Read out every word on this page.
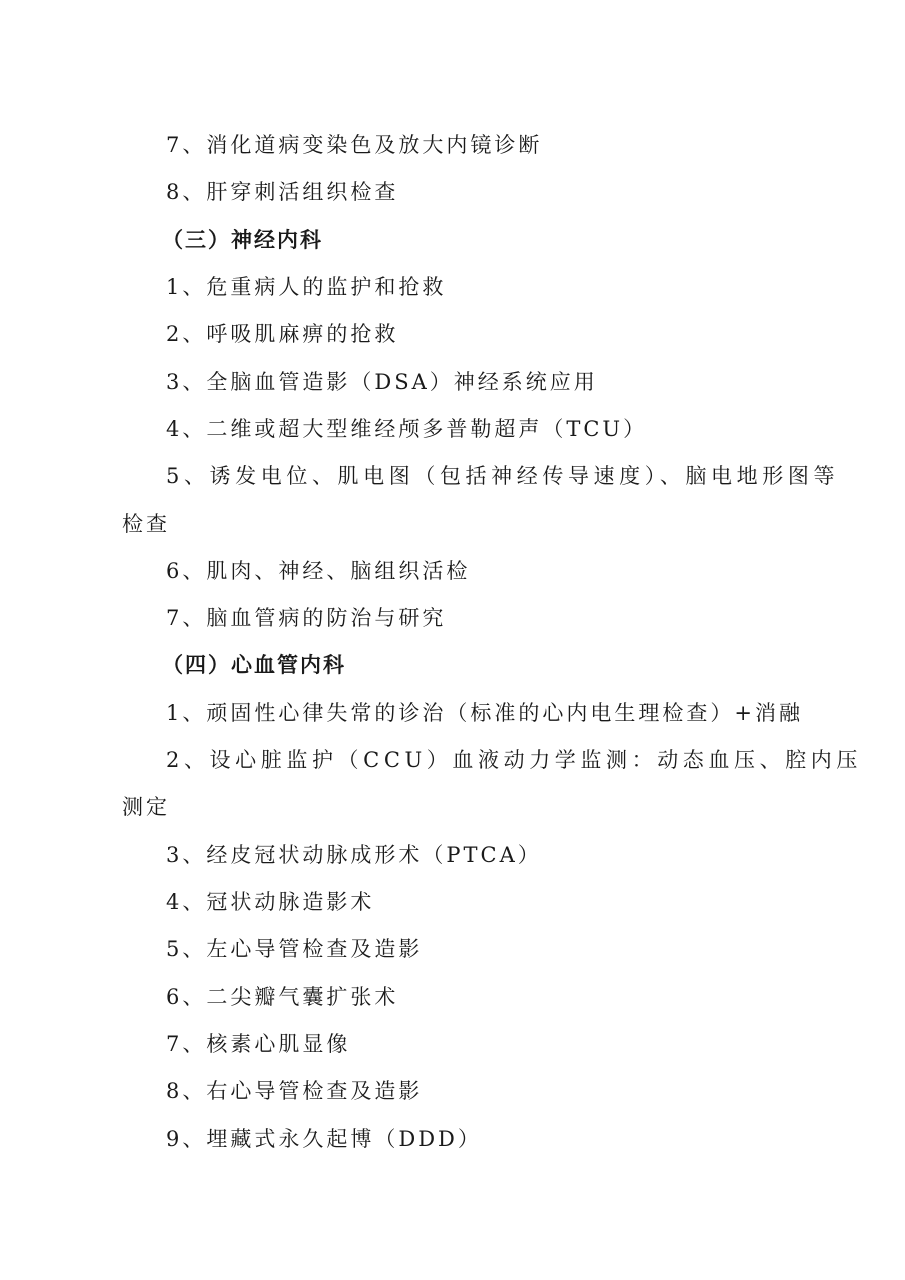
7、消化道病变染色及放大内镜诊断
8、肝穿刺活组织检查
（三）神经内科
1、危重病人的监护和抢救
2、呼吸肌麻痹的抢救
3、全脑血管造影（DSA）神经系统应用
4、二维或超大型维经颅多普勒超声（TCU）
5、诱发电位、肌电图（包括神经传导速度）、脑电地形图等
检查
6、肌肉、神经、脑组织活检
7、脑血管病的防治与研究
（四）心血管内科
1、顽固性心律失常的诊治（标准的心内电生理检查）+消融
2、设心脏监护（CCU）血液动力学监测：动态血压、腔内压
测定
3、经皮冠状动脉成形术（PTCA）
4、冠状动脉造影术
5、左心导管检查及造影
6、二尖瓣气囊扩张术
7、核素心肌显像
8、右心导管检查及造影
9、埋藏式永久起博（DDD）
